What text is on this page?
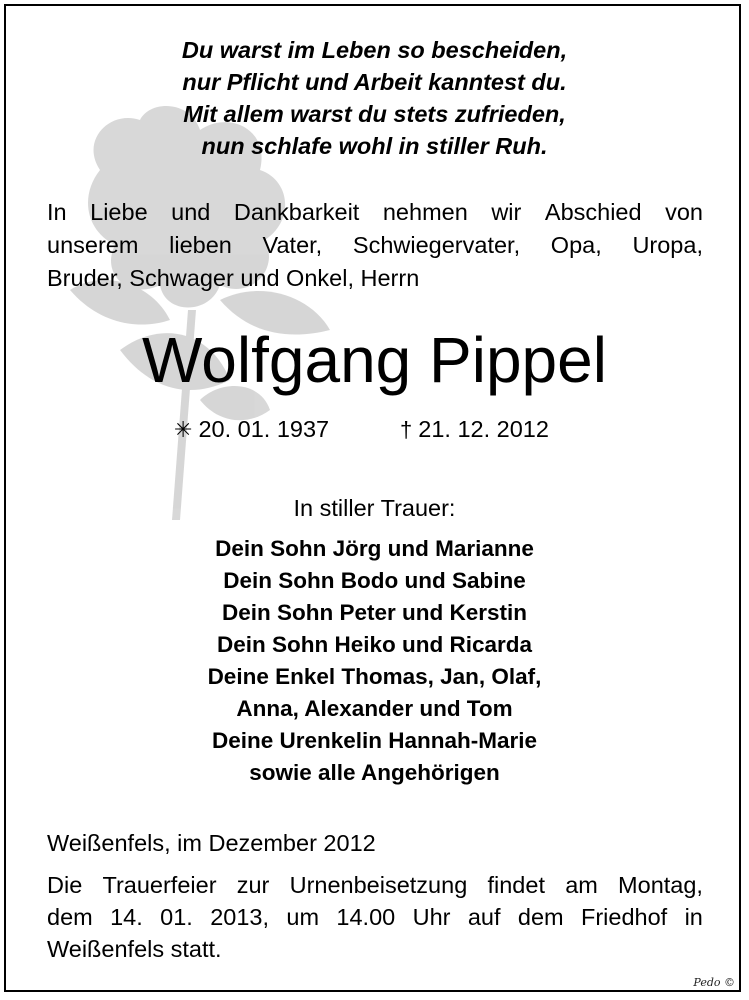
Du warst im Leben so bescheiden,
nur Pflicht und Arbeit kanntest du.
Mit allem warst du stets zufrieden,
nun schlafe wohl in stiller Ruh.
In Liebe und Dankbarkeit nehmen wir Abschied von
unserem lieben Vater, Schwiegervater, Opa, Uropa,
Bruder, Schwager und Onkel, Herrn
Wolfgang Pippel
✳ 20. 01. 1937	† 21. 12. 2012
In stiller Trauer:
Dein Sohn Jörg und Marianne
Dein Sohn Bodo und Sabine
Dein Sohn Peter und Kerstin
Dein Sohn Heiko und Ricarda
Deine Enkel Thomas, Jan, Olaf,
Anna, Alexander und Tom
Deine Urenkelin Hannah-Marie
sowie alle Angehörigen
Weißenfels, im Dezember 2012
Die Trauerfeier zur Urnenbeisetzung findet am Montag,
dem 14. 01. 2013, um 14.00 Uhr auf dem Friedhof in
Weißenfels statt.
Pedo ©
